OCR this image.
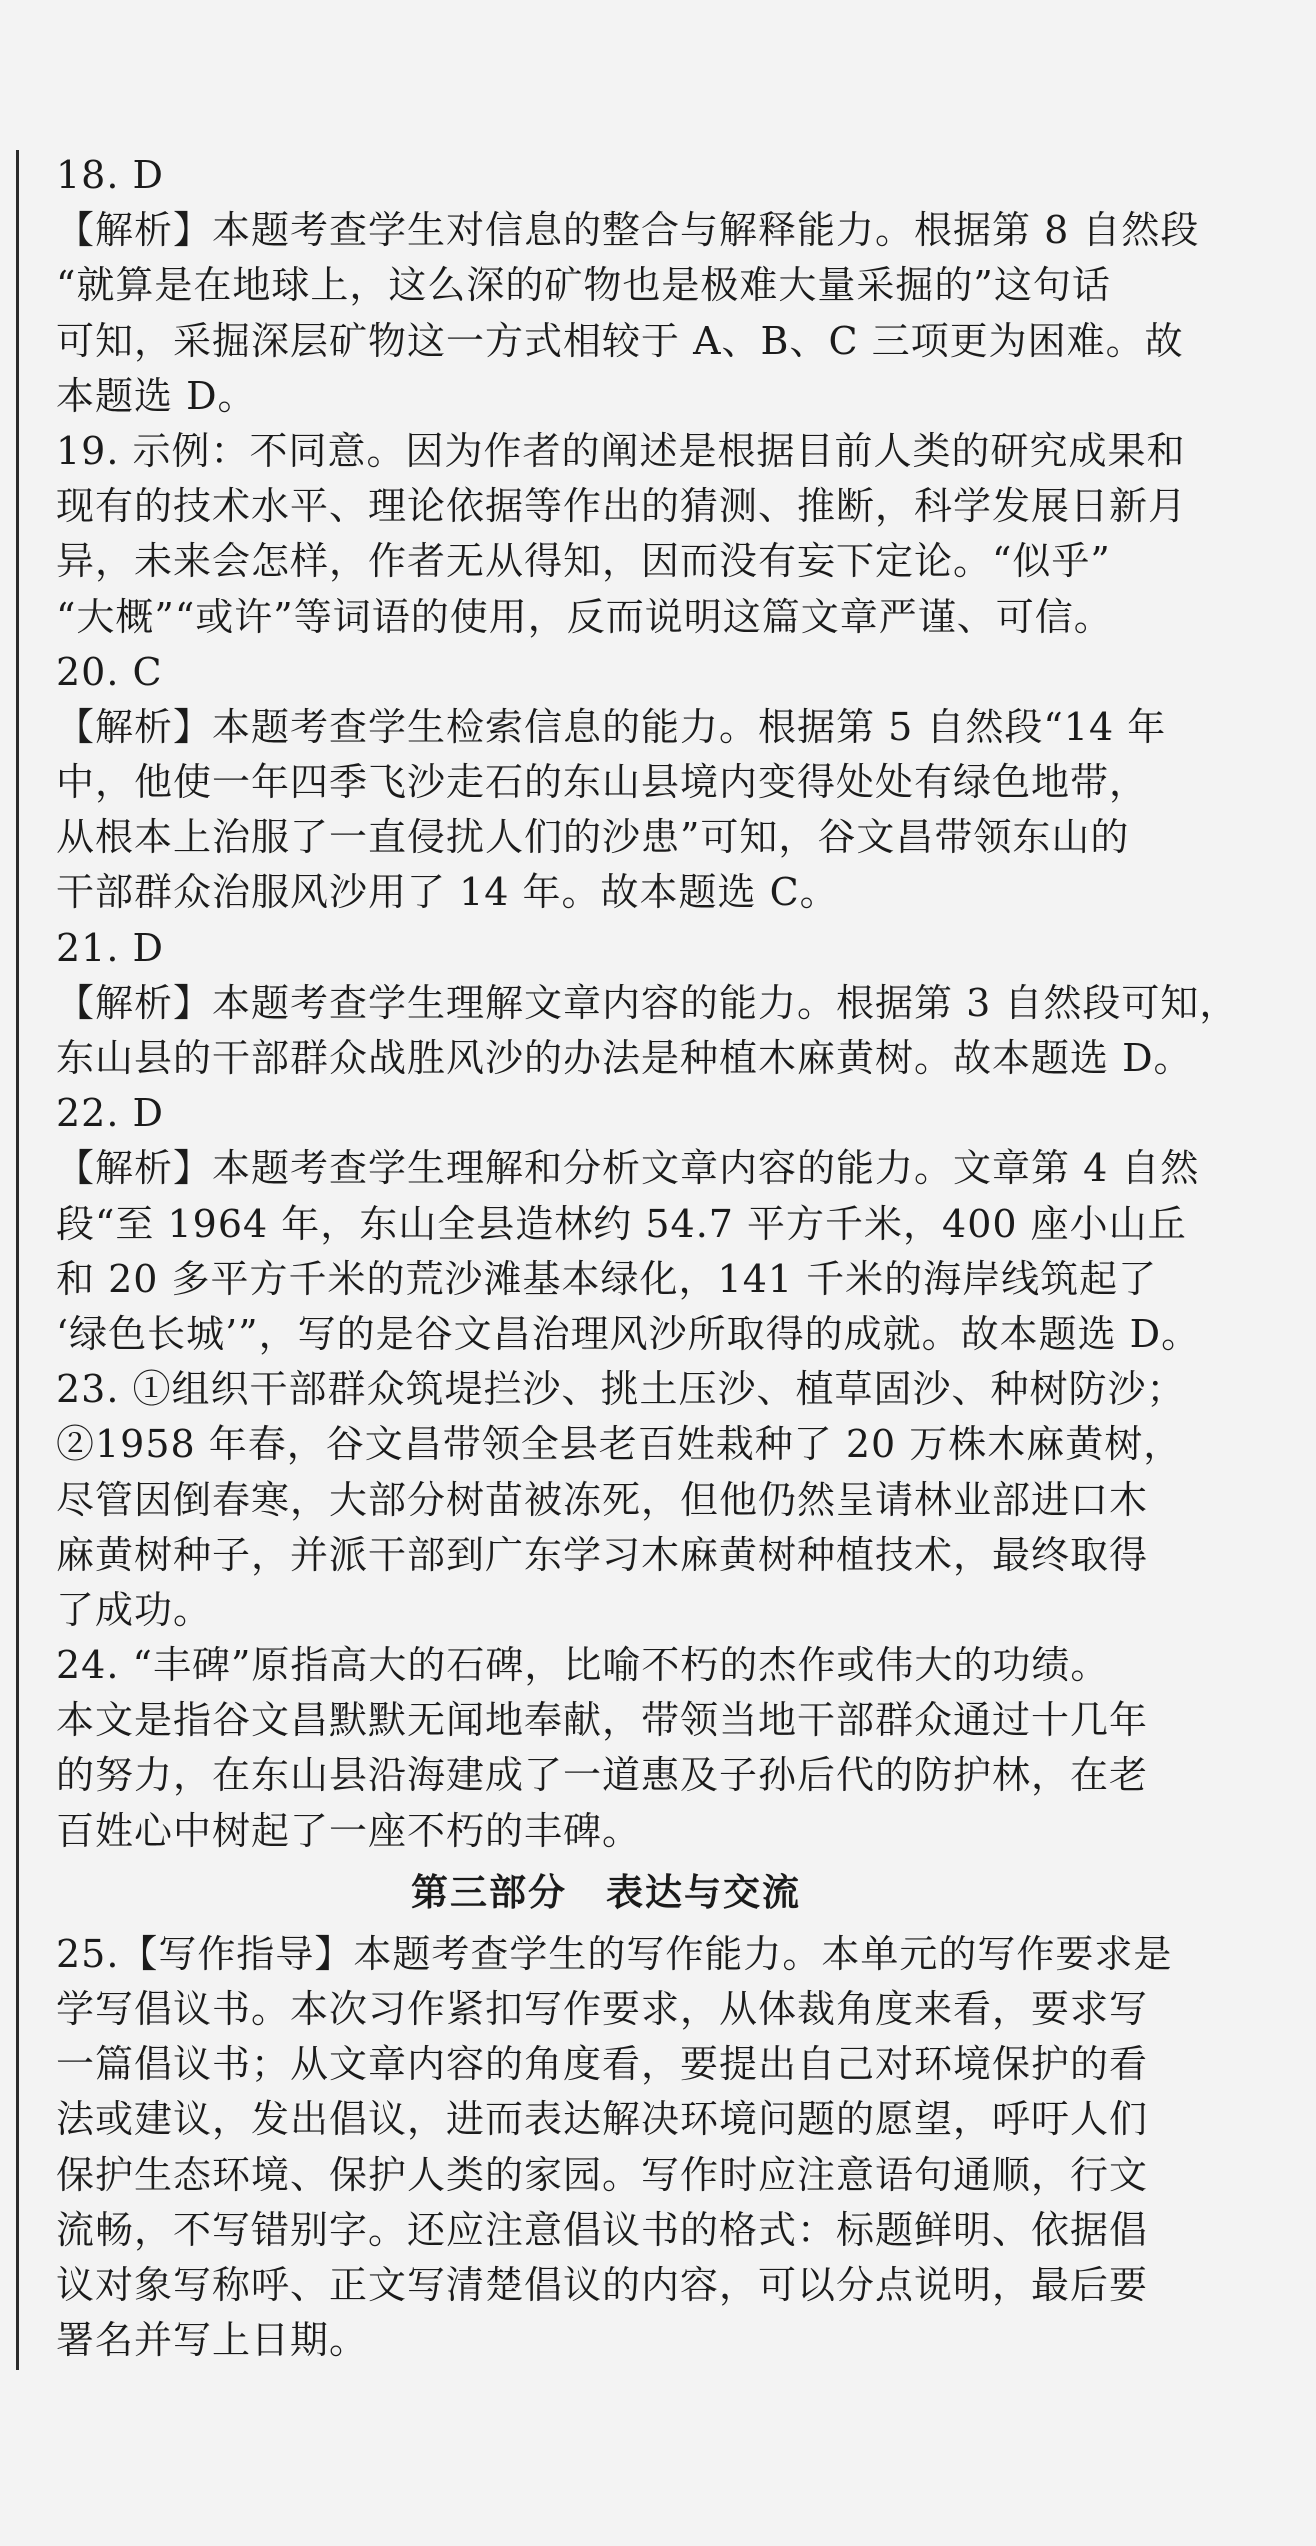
18. D
【解析】本题考查学生对信息的整合与解释能力。根据第 8 自然段
“就算是在地球上，这么深的矿物也是极难大量采掘的”这句话
可知，采掘深层矿物这一方式相较于 A、B、C 三项更为困难。故
本题选 D。
19. 示例：不同意。因为作者的阐述是根据目前人类的研究成果和
现有的技术水平、理论依据等作出的猜测、推断，科学发展日新月
异，未来会怎样，作者无从得知，因而没有妄下定论。“似乎”
“大概”“或许”等词语的使用，反而说明这篇文章严谨、可信。
20. C
【解析】本题考查学生检索信息的能力。根据第 5 自然段“14 年
中，他使一年四季飞沙走石的东山县境内变得处处有绿色地带，
从根本上治服了一直侵扰人们的沙患”可知，谷文昌带领东山的
干部群众治服风沙用了 14 年。故本题选 C。
21. D
【解析】本题考查学生理解文章内容的能力。根据第 3 自然段可知，
东山县的干部群众战胜风沙的办法是种植木麻黄树。故本题选 D。
22. D
【解析】本题考查学生理解和分析文章内容的能力。文章第 4 自然
段“至 1964 年，东山全县造林约 54.7 平方千米，400 座小山丘
和 20 多平方千米的荒沙滩基本绿化，141 千米的海岸线筑起了
‘绿色长城’”，写的是谷文昌治理风沙所取得的成就。故本题选 D。
23. ①组织干部群众筑堤拦沙、挑土压沙、植草固沙、种树防沙；
②1958 年春，谷文昌带领全县老百姓栽种了 20 万株木麻黄树，
尽管因倒春寒，大部分树苗被冻死，但他仍然呈请林业部进口木
麻黄树种子，并派干部到广东学习木麻黄树种植技术，最终取得
了成功。
24. “丰碑”原指高大的石碑，比喻不朽的杰作或伟大的功绩。
本文是指谷文昌默默无闻地奉献，带领当地干部群众通过十几年
的努力，在东山县沿海建成了一道惠及子孙后代的防护林，在老
百姓心中树起了一座不朽的丰碑。
第三部分　表达与交流
25.【写作指导】本题考查学生的写作能力。本单元的写作要求是
学写倡议书。本次习作紧扣写作要求，从体裁角度来看，要求写
一篇倡议书；从文章内容的角度看，要提出自己对环境保护的看
法或建议，发出倡议，进而表达解决环境问题的愿望，呼吁人们
保护生态环境、保护人类的家园。写作时应注意语句通顺，行文
流畅，不写错别字。还应注意倡议书的格式：标题鲜明、依据倡
议对象写称呼、正文写清楚倡议的内容，可以分点说明，最后要
署名并写上日期。
